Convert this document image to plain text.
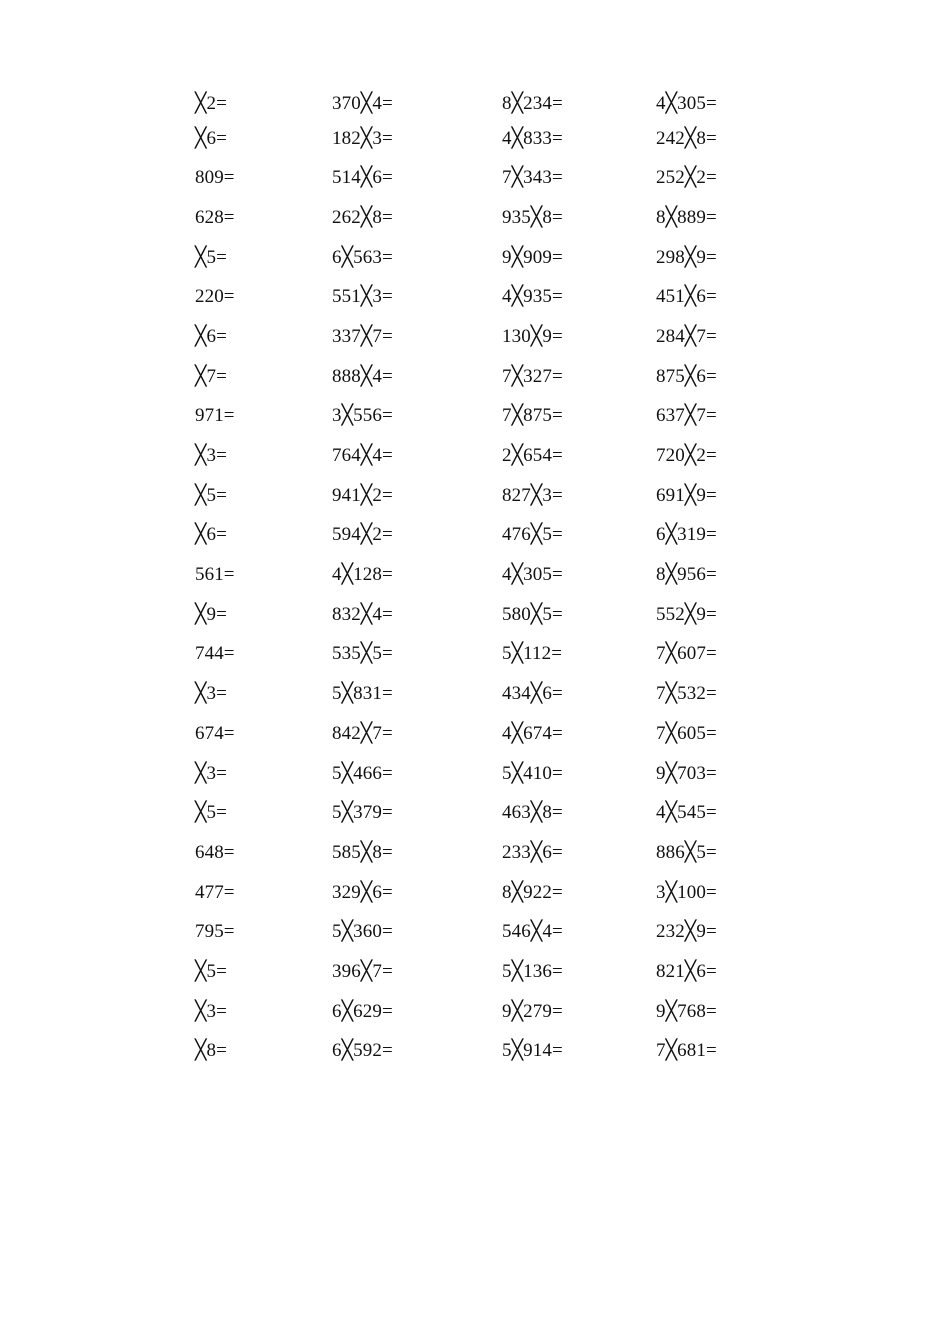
╳2=	370╳4=	8╳234=	4╳305=
╳6=	182╳3=	4╳833=	242╳8=
809=	514╳6=	7╳343=	252╳2=
628=	262╳8=	935╳8=	8╳889=
╳5=	6╳563=	9╳909=	298╳9=
220=	551╳3=	4╳935=	451╳6=
╳6=	337╳7=	130╳9=	284╳7=
╳7=	888╳4=	7╳327=	875╳6=
971=	3╳556=	7╳875=	637╳7=
╳3=	764╳4=	2╳654=	720╳2=
╳5=	941╳2=	827╳3=	691╳9=
╳6=	594╳2=	476╳5=	6╳319=
561=	4╳128=	4╳305=	8╳956=
╳9=	832╳4=	580╳5=	552╳9=
744=	535╳5=	5╳112=	7╳607=
╳3=	5╳831=	434╳6=	7╳532=
674=	842╳7=	4╳674=	7╳605=
╳3=	5╳466=	5╳410=	9╳703=
╳5=	5╳379=	463╳8=	4╳545=
648=	585╳8=	233╳6=	886╳5=
477=	329╳6=	8╳922=	3╳100=
795=	5╳360=	546╳4=	232╳9=
╳5=	396╳7=	5╳136=	821╳6=
╳3=	6╳629=	9╳279=	9╳768=
╳8=	6╳592=	5╳914=	7╳681=
